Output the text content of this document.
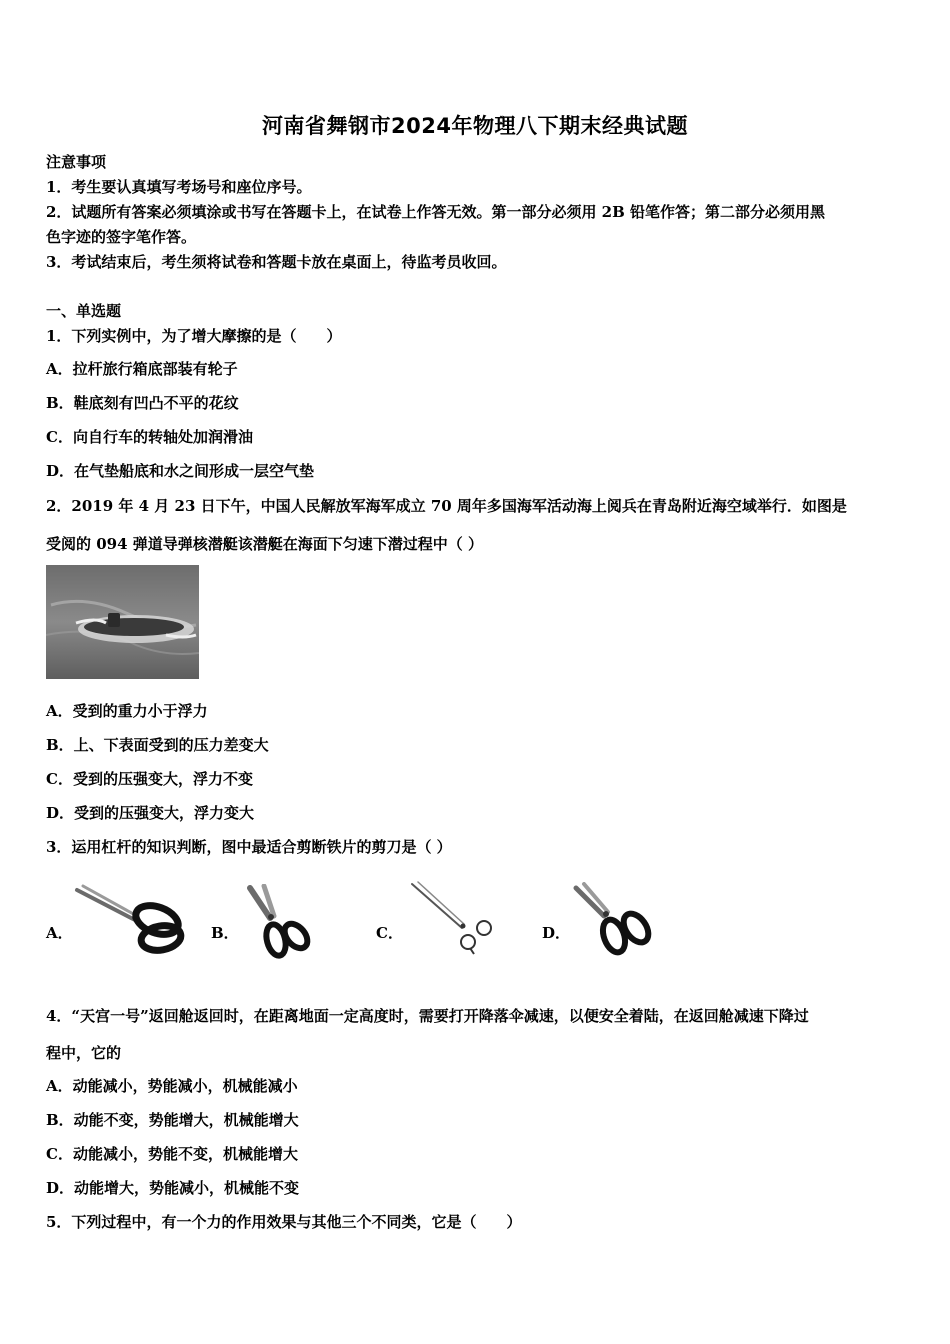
河南省舞钢市2024年物理八下期末经典试题
注意事项
1．考生要认真填写考场号和座位序号。
2．试题所有答案必须填涂或书写在答题卡上，在试卷上作答无效。第一部分必须用 2B 铅笔作答；第二部分必须用黑
色字迹的签字笔作答。
3．考试结束后，考生须将试卷和答题卡放在桌面上，待监考员收回。
一、单选题
1．下列实例中，为了增大摩擦的是（　　）
A．拉杆旅行箱底部装有轮子
B．鞋底刻有凹凸不平的花纹
C．向自行车的转轴处加润滑油
D．在气垫船底和水之间形成一层空气垫
2．2019 年 4 月 23 日下午，中国人民解放军海军成立 70 周年多国海军活动海上阅兵在青岛附近海空域举行．如图是
受阅的 094 弹道导弹核潜艇该潜艇在海面下匀速下潜过程中（ ）
A．受到的重力小于浮力
B．上、下表面受到的压力差变大
C．受到的压强变大，浮力不变
D．受到的压强变大，浮力变大
3．运用杠杆的知识判断，图中最适合剪断铁片的剪刀是（ ）
A．	B．	C．	D．
4．“天宫一号”返回舱返回时，在距离地面一定高度时，需要打开降落伞减速，以便安全着陆，在返回舱减速下降过
程中，它的
A．动能减小，势能减小，机械能减小
B．动能不变，势能增大，机械能增大
C．动能减小，势能不变，机械能增大
D．动能增大，势能减小，机械能不变
5．下列过程中，有一个力的作用效果与其他三个不同类，它是（　　）
